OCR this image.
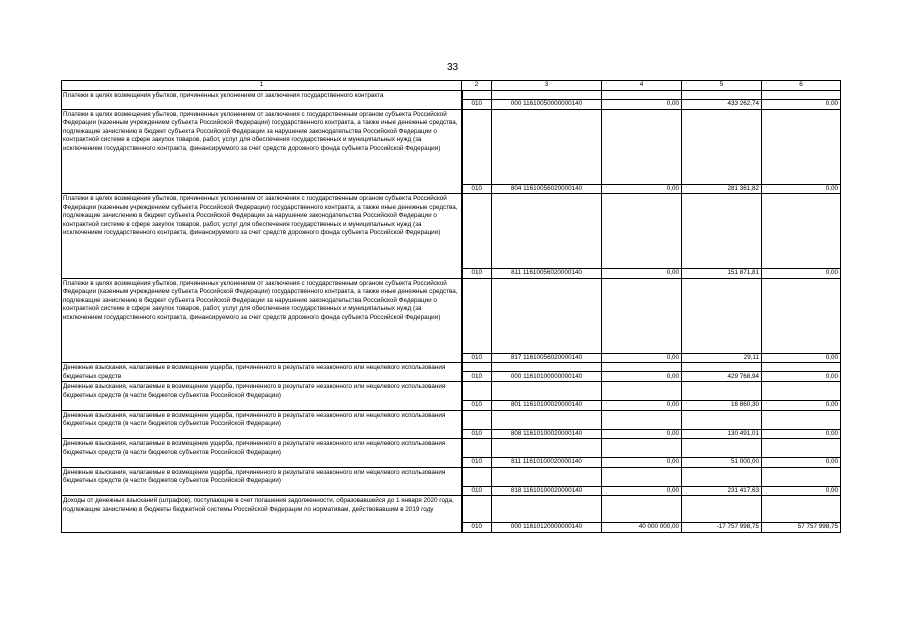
33
1	2	3	4	5	6
Платежи в целях возмещения убытков, причиненных уклонением от заключения государственного контракта					
	010	000 11610050000000140	0,00	433 262,74	0,00
Платежи в целях возмещения убытков, причиненных уклонением от заключения с государственным органом субъекта Российской Федерации (казенным учреждением субъекта Российской Федерации) государственного контракта, а также иные денежные средства, подлежащие зачислению в бюджет субъекта Российской Федерации за нарушение законодательства Российской Федерации о контрактной системе в сфере закупок товаров, работ, услуг для обеспечения государственных и муниципальных нужд (за исключением государственного контракта, финансируемого за счет средств дорожного фонда субъекта Российской Федерации)					
	010	804 11610056020000140	0,00	281 361,82	0,00
Платежи в целях возмещения убытков, причиненных уклонением от заключения с государственным органом субъекта Российской Федерации (казенным учреждением субъекта Российской Федерации) государственного контракта, а также иные денежные средства, подлежащие зачислению в бюджет субъекта Российской Федерации за нарушение законодательства Российской Федерации о контрактной системе в сфере закупок товаров, работ, услуг для обеспечения государственных и муниципальных нужд (за исключением государственного контракта, финансируемого за счет средств дорожного фонда субъекта Российской Федерации)					
	010	811 11610056020000140	0,00	151 871,81	0,00
Платежи в целях возмещения убытков, причиненных уклонением от заключения с государственным органом субъекта Российской Федерации (казенным учреждением субъекта Российской Федерации) государственного контракта, а также иные денежные средства, подлежащие зачислению в бюджет субъекта Российской Федерации за нарушение законодательства Российской Федерации о контрактной системе в сфере закупок товаров, работ, услуг для обеспечения государственных и муниципальных нужд (за исключением государственного контракта, финансируемого за счет средств дорожного фонда субъекта Российской Федерации)					
	010	817 11610056020000140	0,00	29,11	0,00
Денежные взыскания, налагаемые в возмещение ущерба, причиненного в результате незаконного или нецелевого использования бюджетных средств					
	010	000 11610100000000140	0,00	429 768,94	0,00
Денежные взыскания, налагаемые в возмещение ущерба, причиненного в результате незаконного или нецелевого использования бюджетных средств (в части бюджетов субъектов Российской Федерации)					
	010	801 11610100020000140	0,00	16 860,30	0,00
Денежные взыскания, налагаемые в возмещение ущерба, причиненного в результате незаконного или нецелевого использования бюджетных средств (в части бюджетов субъектов Российской Федерации)					
	010	808 11610100020000140	0,00	130 491,01	0,00
Денежные взыскания, налагаемые в возмещение ущерба, причиненного в результате незаконного или нецелевого использования бюджетных средств (в части бюджетов субъектов Российской Федерации)					
	010	811 11610100020000140	0,00	51 000,00	0,00
Денежные взыскания, налагаемые в возмещение ущерба, причиненного в результате незаконного или нецелевого использования бюджетных средств (в части бюджетов субъектов Российской Федерации)					
	010	818 11610100020000140	0,00	231 417,63	0,00
Доходы от денежных взысканий (штрафов), поступающие в счет погашения задолженности, образовавшейся до 1 января 2020 года, подлежащие зачислению в бюджеты бюджетной системы Российской Федерации по нормативам, действовавшим в 2019 году					
	010	000 11610120000000140	40 000 000,00	-17 757 998,75	57 757 998,75
